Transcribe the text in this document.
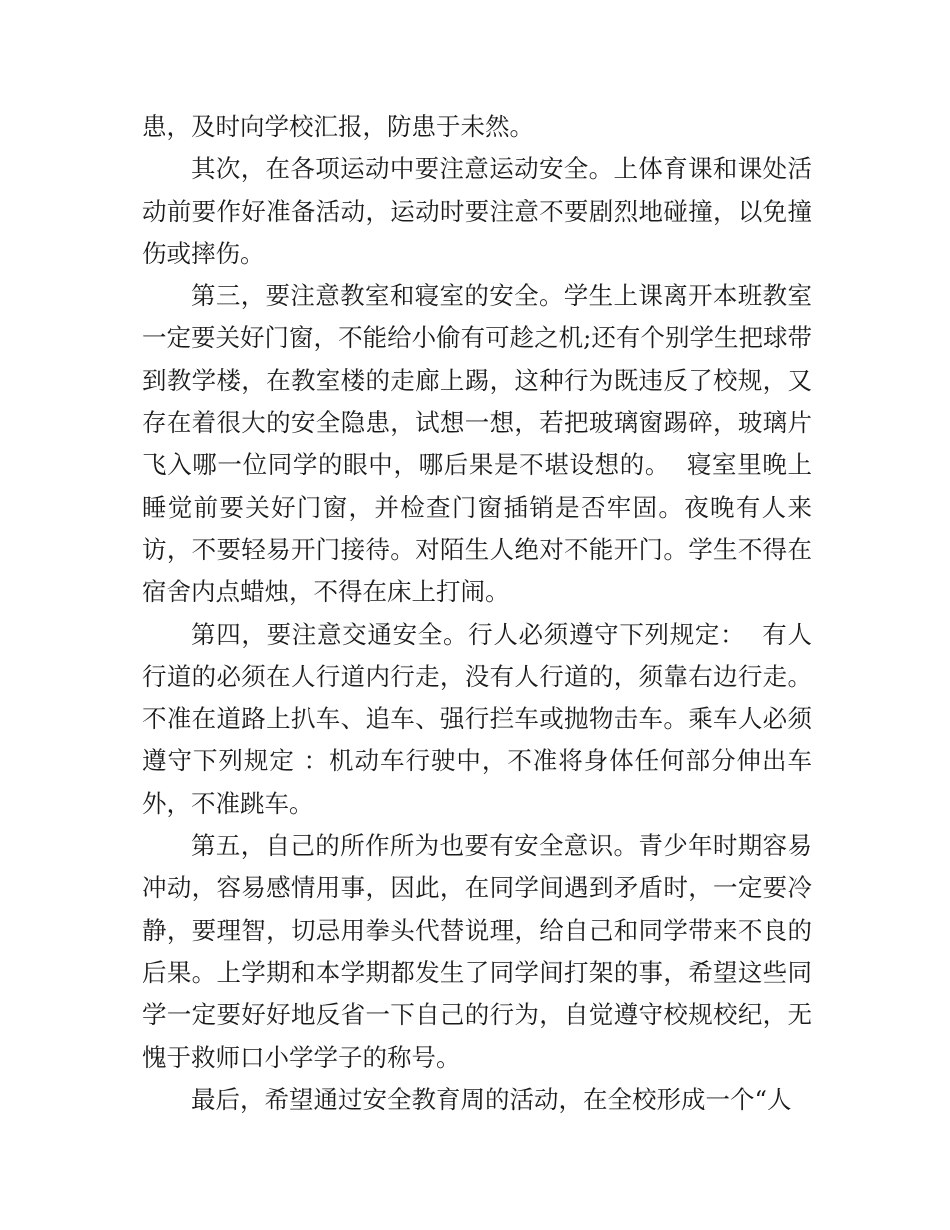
患，及时向学校汇报，防患于未然。

其次，在各项运动中要注意运动安全。上体育课和课处活动前要作好准备活动，运动时要注意不要剧烈地碰撞，以免撞伤或摔伤。

第三，要注意教室和寝室的安全。学生上课离开本班教室一定要关好门窗，不能给小偷有可趁之机;还有个别学生把球带到教学楼，在教室楼的走廊上踢，这种行为既违反了校规，又存在着很大的安全隐患，试想一想，若把玻璃窗踢碎，玻璃片飞入哪一位同学的眼中，哪后果是不堪设想的。  寝室里晚上睡觉前要关好门窗，并检查门窗插销是否牢固。夜晚有人来访，不要轻易开门接待。对陌生人绝对不能开门。学生不得在宿舍内点蜡烛，不得在床上打闹。

第四，要注意交通安全。行人必须遵守下列规定：  有人行道的必须在人行道内行走，没有人行道的，须靠右边行走。不准在道路上扒车、追车、强行拦车或抛物击车。乘车人必须遵守下列规定 ：机动车行驶中，不准将身体任何部分伸出车外，不准跳车。

第五，自己的所作所为也要有安全意识。青少年时期容易冲动，容易感情用事，因此，在同学间遇到矛盾时，一定要冷静，要理智，切忌用拳头代替说理，给自己和同学带来不良的后果。上学期和本学期都发生了同学间打架的事，希望这些同学一定要好好地反省一下自己的行为，自觉遵守校规校纪，无愧于救师口小学学子的称号。

最后，希望通过安全教育周的活动，在全校形成一个“人
